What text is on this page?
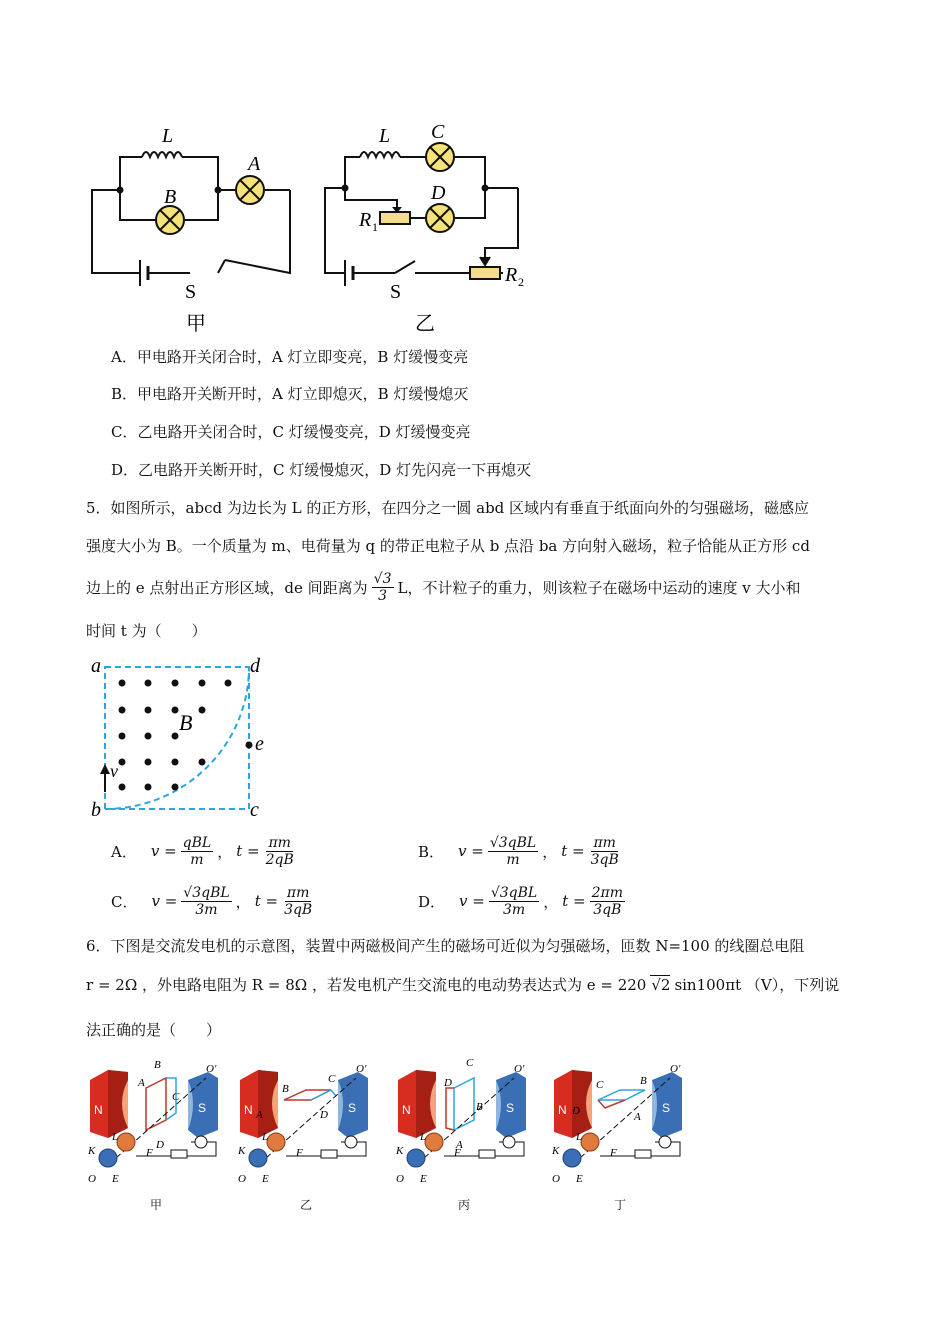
L
B
A
S
甲
L C
D
R 1
R 2
S
乙
A．甲电路开关闭合时，A 灯立即变亮，B 灯缓慢变亮
B．甲电路开关断开时，A 灯立即熄灭，B 灯缓慢熄灭
C．乙电路开关闭合时，C 灯缓慢变亮，D 灯缓慢变亮
D．乙电路开关断开时，C 灯缓慢熄灭，D 灯先闪亮一下再熄灭
5．如图所示，abcd 为边长为 L 的正方形，在四分之一圆 abd 区域内有垂直于纸面向外的匀强磁场，磁感应
强度大小为 B。一个质量为 m、电荷量为 q 的带正电粒子从 b 点沿 ba 方向射入磁场，粒子恰能从正方形 cd
边上的 e 点射出正方形区域，de 间距离为 $\frac{√3}{3}$ L，不计粒子的重力，则该粒子在磁场中运动的速度 v 大小和
时间 t 为（　　）
a	d
e
b	c
B
v
A． $v = \frac{\text{qBL}}{m}$ ， $t = \frac{\pi m}{2qB}$	B． $v = \frac{\text{√3qBL}}{m}$ ， $t = \frac{\pi m}{3qB}$
C． $v = \frac{\text{√3qBL}}{3m}$ ， $t = \frac{\pi m}{3qB}$	D． $v = \frac{\text{√3qBL}}{3m}$ ， $t = \frac{2\pi m}{3qB}$
6．下图是交流发电机的示意图，装置中两磁极间产生的磁场可近似为匀强磁场，匝数 N=100 的线圈总电阻
r = 2Ω ，外电路电阻为 R = 8Ω ，若发电机产生交流电的电动势表达式为 e = 220 √2 sin100πt （V），下列说
法正确的是（　　）
N	S
O
O′
K
L
E
F
A
B
C
D
甲
N	S
O
O′
K
L
E
F
A
B
C
D
乙
N	S
O
O′
K
L
E
F
D
C
B
A
丙
N	S
O
O′
K
L
E
F
D
C	B
A
丁
